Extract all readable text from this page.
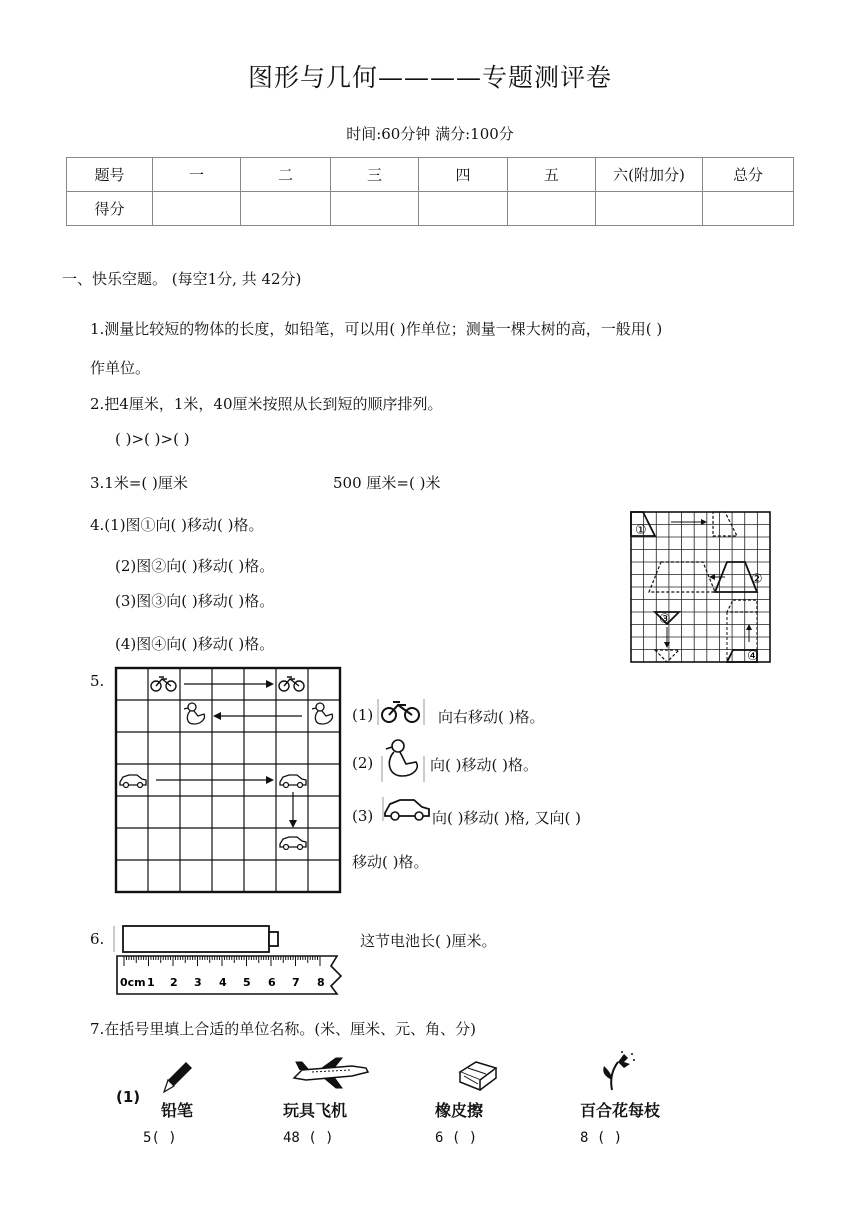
图形与几何————专题测评卷
时间:60分钟 满分:100分
题号	一	二	三	四	五	六(附加分)	总分
得分							
一、快乐空题。 (每空1分, 共 42分)
1.测量比较短的物体的长度，如铅笔，可以用( )作单位；测量一棵大树的高，一般用( )
作单位。
2.把4厘米，1米，40厘米按照从长到短的顺序排列。
( )>( )>( )
3.1米=( )厘米	500 厘米=( )米
4.(1)图①向( )移动( )格。
(2)图②向( )移动( )格。
(3)图③向( )移动( )格。
(4)图④向( )移动( )格。
①
②
③
④
5.
(1)	向右移动( )格。
(2)	向( )移动( )格。
(3)	向( )移动( )格, 又向( )
移动( )格。
6.
0cm 1 2 3 4 5 6 7 8
这节电池长( )厘米。
7.在括号里填上合适的单位名称。(米、厘米、元、角、分)
(1)
铅笔	玩具飞机	橡皮擦	百合花每枝
5( )	48 ( )	6 ( )	8 ( )
